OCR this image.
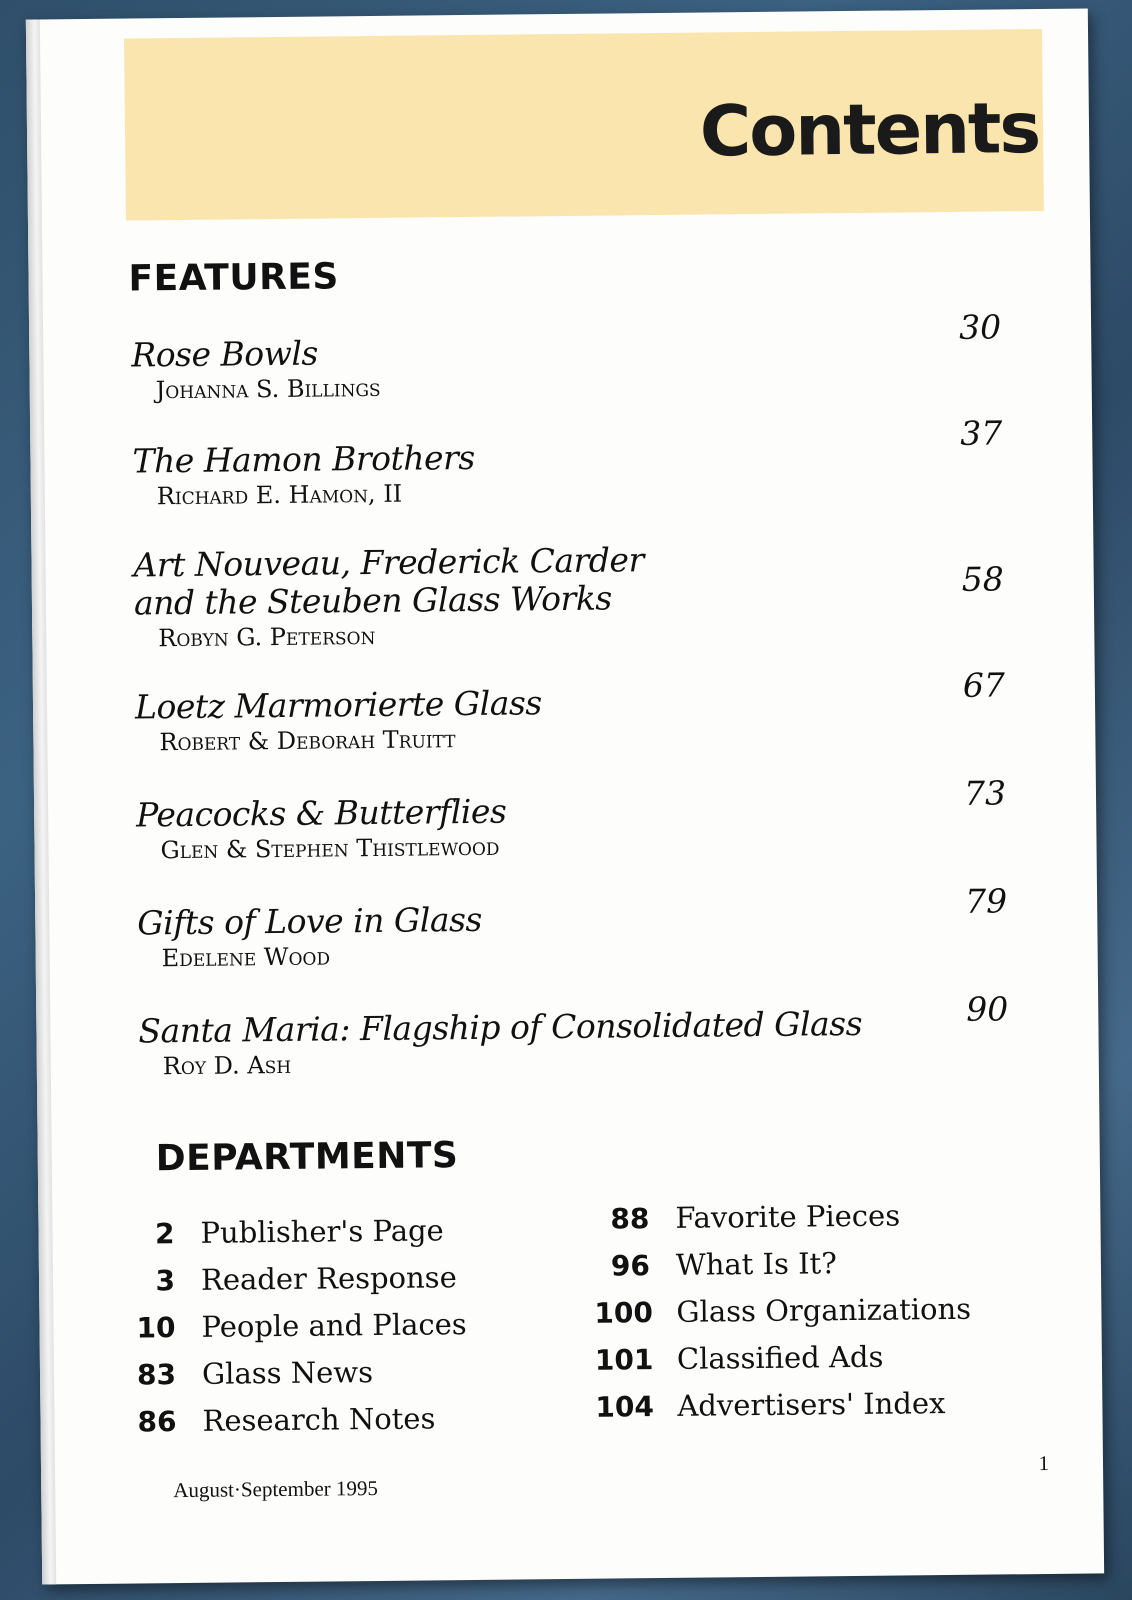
Contents
FEATURES
Rose Bowls
Johanna S. Billings
30
The Hamon Brothers
Richard E. Hamon, II
37
Art Nouveau, Frederick Carder
and the Steuben Glass Works
Robyn G. Peterson
58
Loetz Marmorierte Glass
Robert & Deborah Truitt
67
Peacocks & Butterflies
Glen & Stephen Thistlewood
73
Gifts of Love in Glass
Edelene Wood
79
Santa Maria: Flagship of Consolidated Glass
Roy D. Ash
90
DEPARTMENTS
2 Publisher's Page
3 Reader Response
10 People and Places
83 Glass News
86 Research Notes
88 Favorite Pieces
96 What Is It?
100 Glass Organizations
101 Classified Ads
104 Advertisers' Index
August·September 1995
1
